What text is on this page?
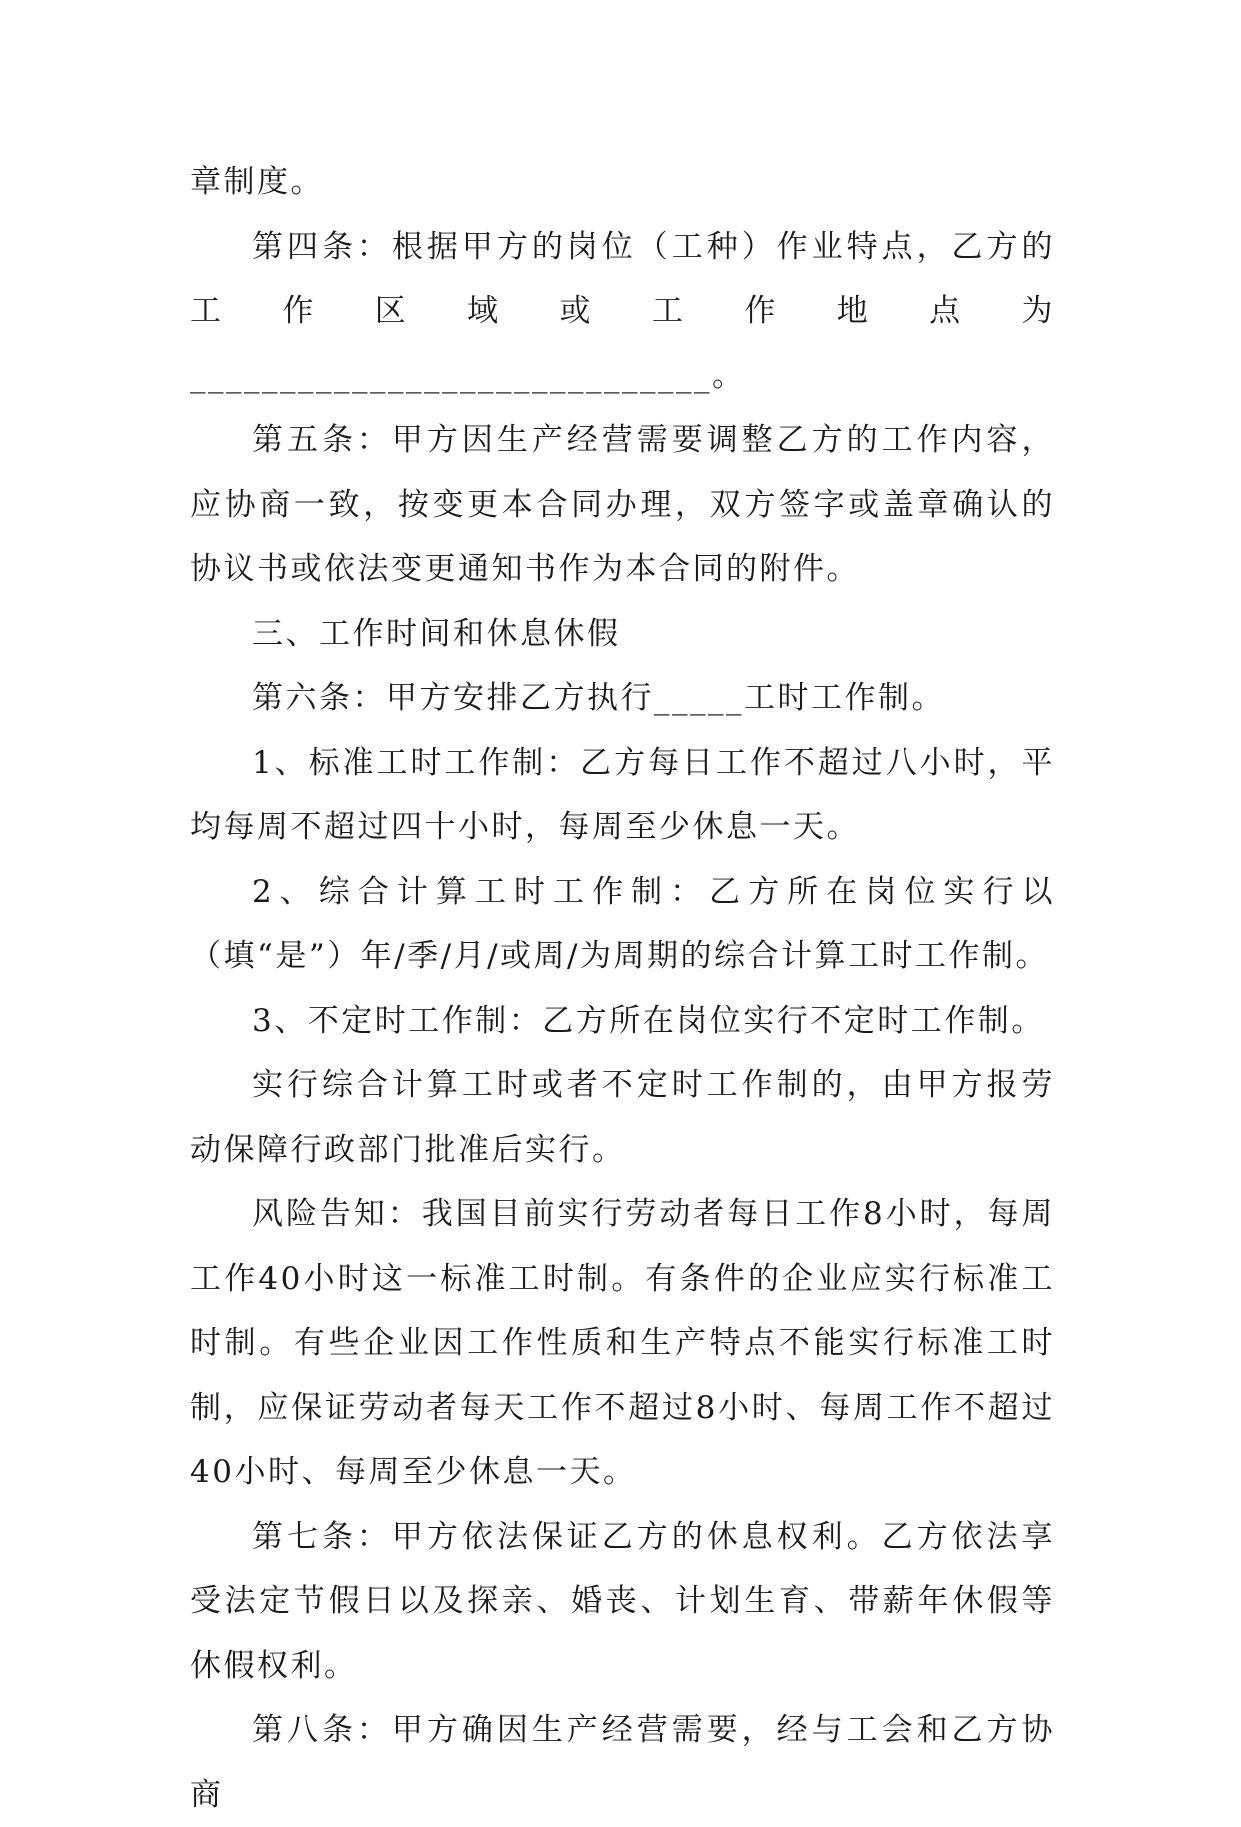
章制度。

第四条：根据甲方的岗位（工种）作业特点，乙方的工作区域或工作地点为_____________________________。

第五条：甲方因生产经营需要调整乙方的工作内容，应协商一致，按变更本合同办理，双方签字或盖章确认的协议书或依法变更通知书作为本合同的附件。

三、工作时间和休息休假

第六条：甲方安排乙方执行_____工时工作制。

1、标准工时工作制：乙方每日工作不超过八小时，平均每周不超过四十小时，每周至少休息一天。

2、综合计算工时工作制：乙方所在岗位实行以（填“是”）年/季/月/或周/为周期的综合计算工时工作制。

3、不定时工作制：乙方所在岗位实行不定时工作制。

实行综合计算工时或者不定时工作制的，由甲方报劳动保障行政部门批准后实行。

风险告知：我国目前实行劳动者每日工作8小时，每周工作40小时这一标准工时制。有条件的企业应实行标准工时制。有些企业因工作性质和生产特点不能实行标准工时制，应保证劳动者每天工作不超过8小时、每周工作不超过40小时、每周至少休息一天。

第七条：甲方依法保证乙方的休息权利。乙方依法享受法定节假日以及探亲、婚丧、计划生育、带薪年休假等休假权利。

第八条：甲方确因生产经营需要，经与工会和乙方协商
